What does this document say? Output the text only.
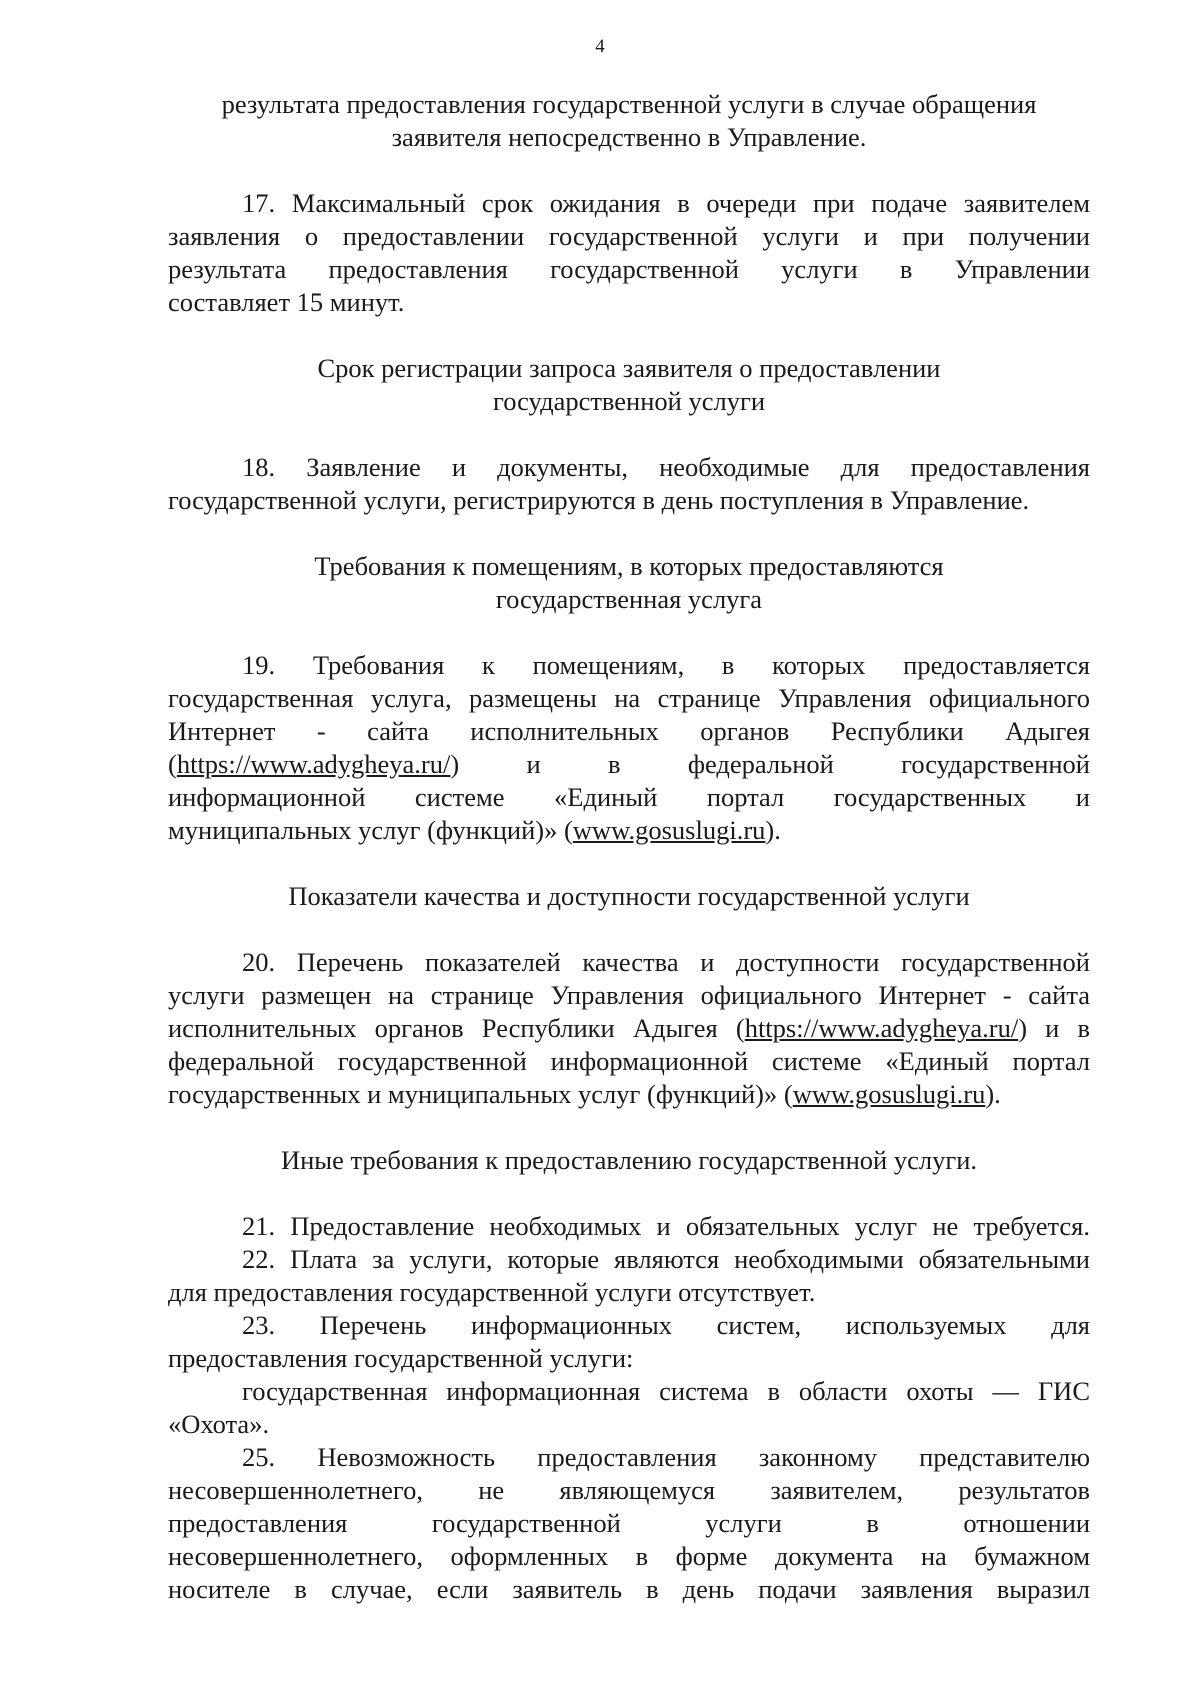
4

результата предоставления государственной услуги в случае обращения
заявителя непосредственно в Управление.

17. Максимальный срок ожидания в очереди при подаче заявителем
заявления о предоставлении государственной услуги и при получении
результата предоставления государственной услуги в Управлении
составляет 15 минут.

Срок регистрации запроса заявителя о предоставлении
государственной услуги

18. Заявление и документы, необходимые для предоставления
государственной услуги, регистрируются в день поступления в Управление.

Требования к помещениям, в которых предоставляются
государственная услуга

19. Требования к помещениям, в которых предоставляется
государственная услуга, размещены на странице Управления официального
Интернет - сайта исполнительных органов Республики Адыгея
(https://www.adygheya.ru/) и в федеральной государственной
информационной системе «Единый портал государственных и
муниципальных услуг (функций)» (www.gosuslugi.ru).

Показатели качества и доступности государственной услуги

20. Перечень показателей качества и доступности государственной
услуги размещен на странице Управления официального Интернет - сайта
исполнительных органов Республики Адыгея (https://www.adygheya.ru/) и в
федеральной государственной информационной системе «Единый портал
государственных и муниципальных услуг (функций)» (www.gosuslugi.ru).

Иные требования к предоставлению государственной услуги.

21. Предоставление необходимых и обязательных услуг не требуется.

22. Плата за услуги, которые являются необходимыми обязательными
для предоставления государственной услуги отсутствует.

23. Перечень информационных систем, используемых для
предоставления государственной услуги:

государственная информационная система в области охоты — ГИС
«Охота».

25. Невозможность предоставления законному представителю
несовершеннолетнего, не являющемуся заявителем, результатов
предоставления государственной услуги в отношении
несовершеннолетнего, оформленных в форме документа на бумажном
носителе в случае, если заявитель в день подачи заявления выразил
